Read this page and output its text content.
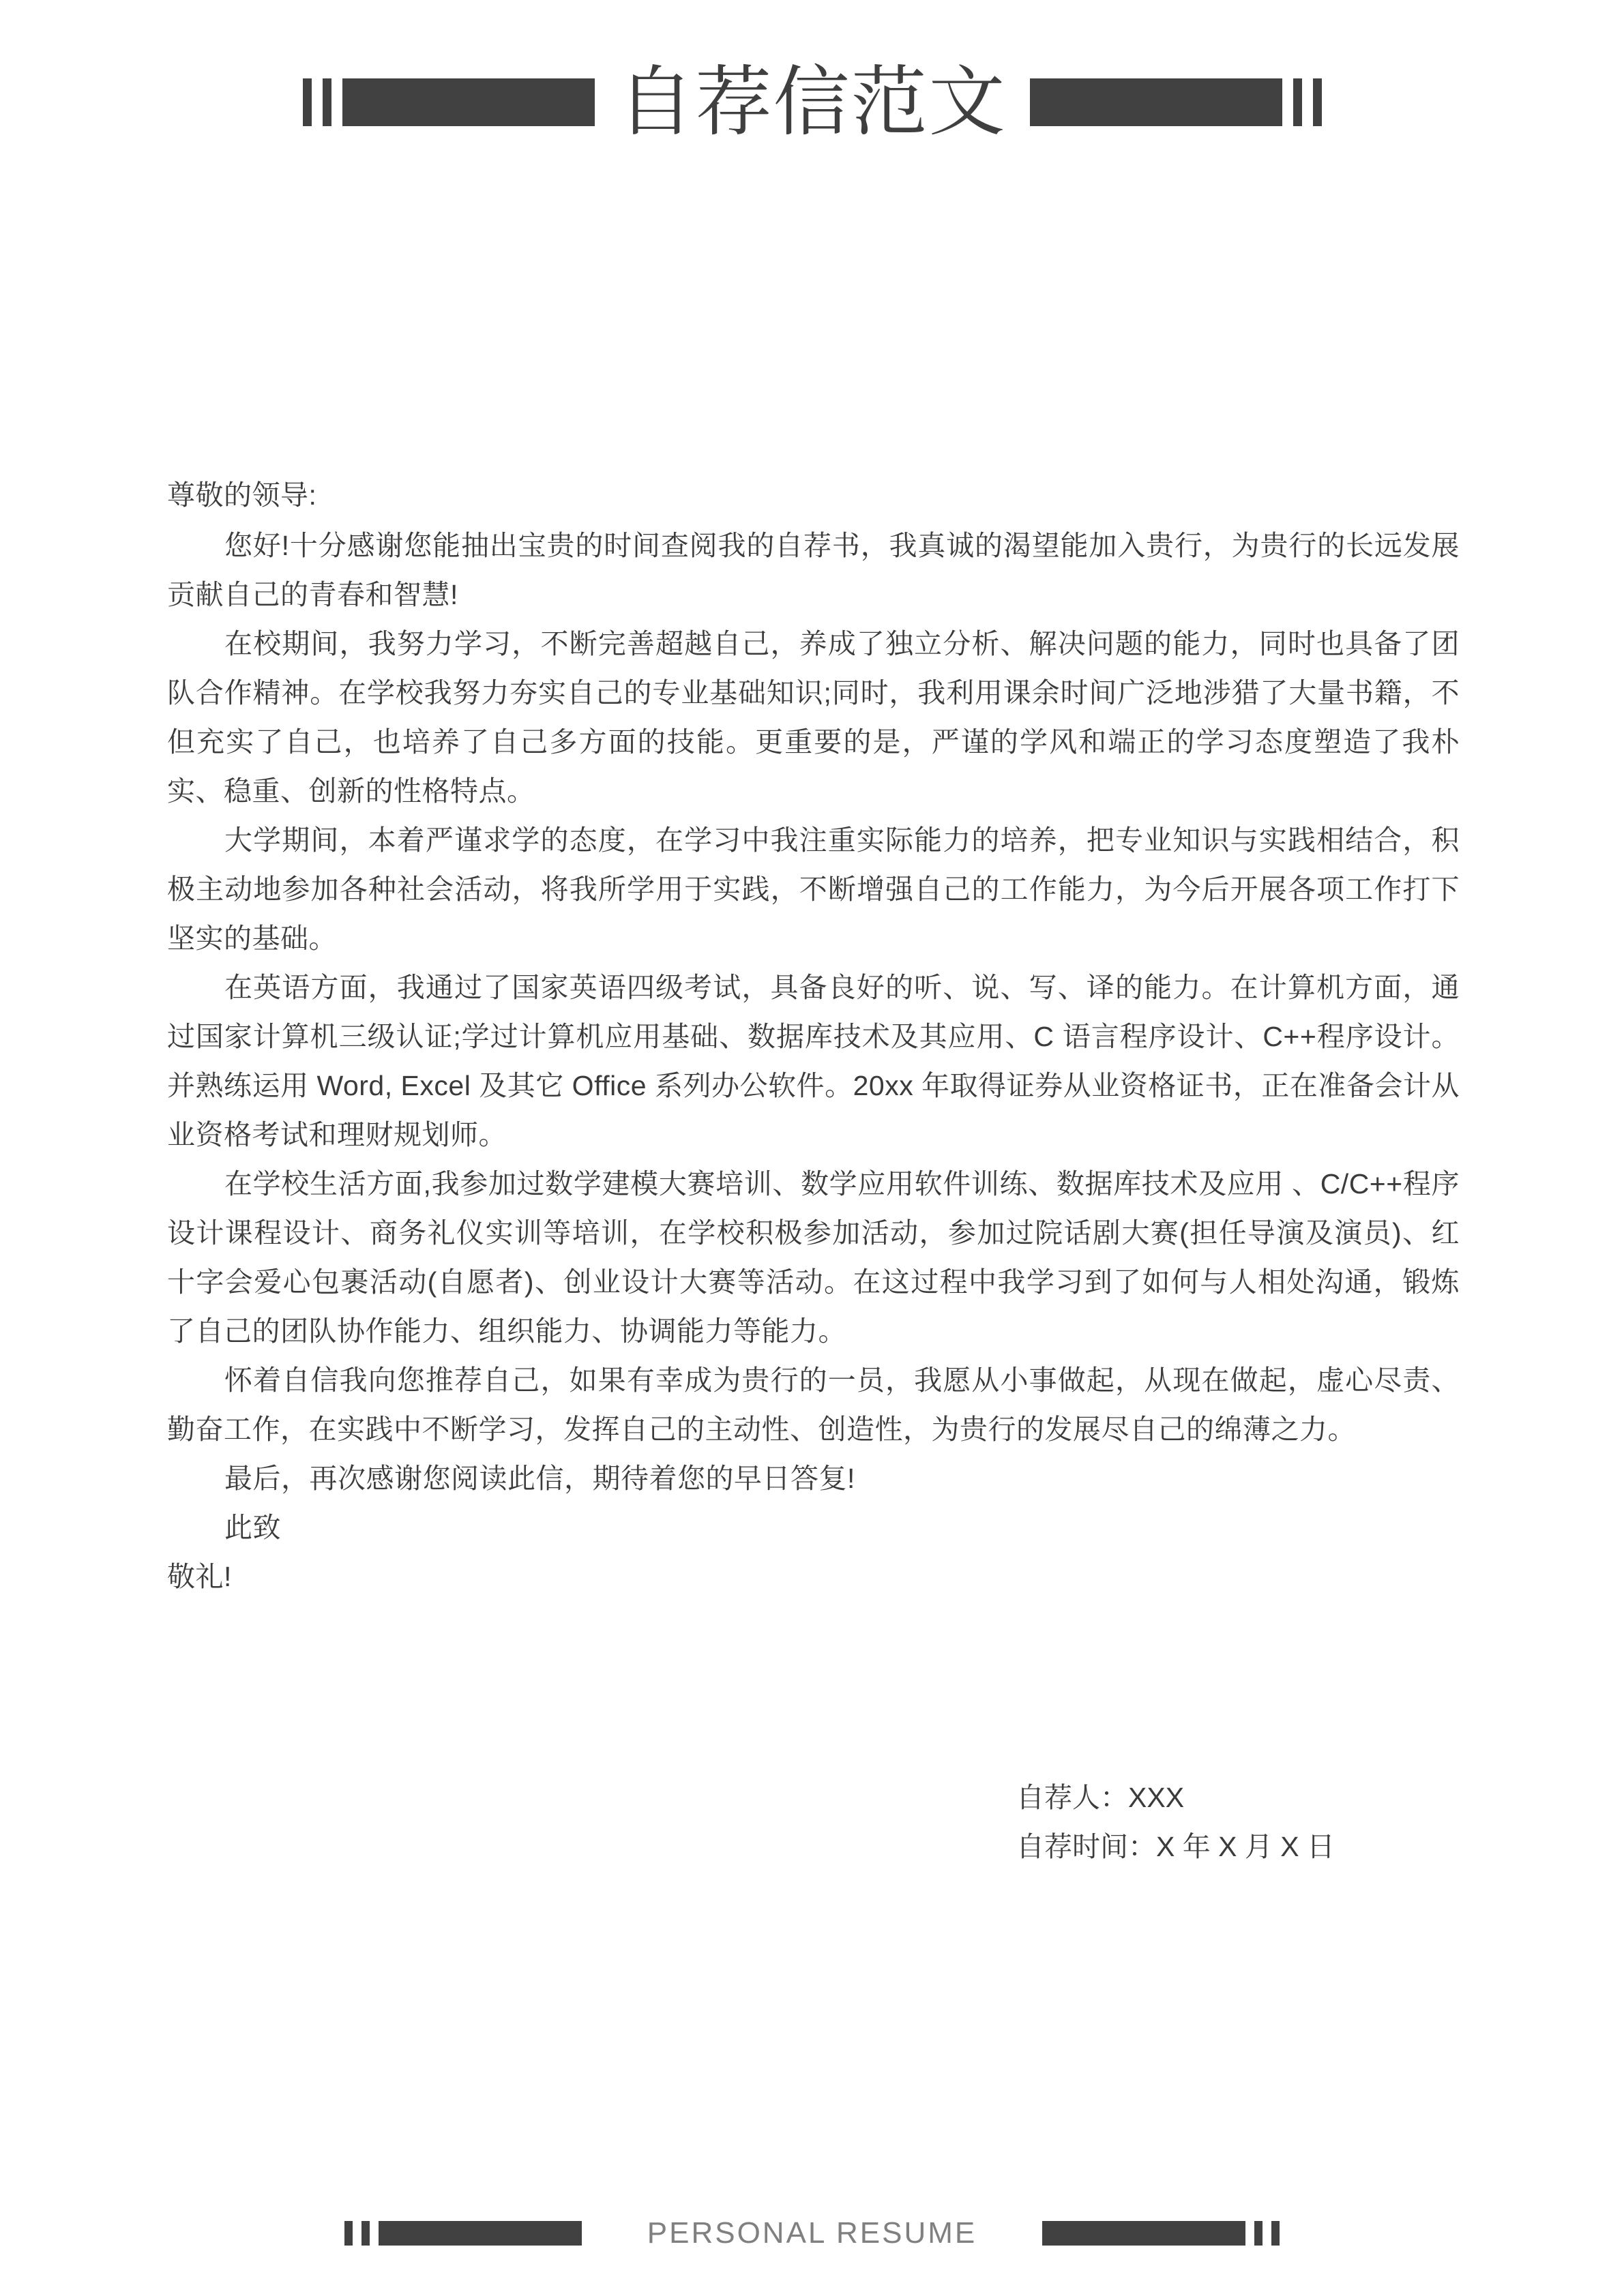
自荐信范文

尊敬的领导:

您好!十分感谢您能抽出宝贵的时间查阅我的自荐书，我真诚的渴望能加入贵行，为贵行的长远发展贡献自己的青春和智慧!

在校期间，我努力学习，不断完善超越自己，养成了独立分析、解决问题的能力，同时也具备了团队合作精神。在学校我努力夯实自己的专业基础知识;同时，我利用课余时间广泛地涉猎了大量书籍，不但充实了自己，也培养了自己多方面的技能。更重要的是，严谨的学风和端正的学习态度塑造了我朴实、稳重、创新的性格特点。

大学期间，本着严谨求学的态度，在学习中我注重实际能力的培养，把专业知识与实践相结合，积极主动地参加各种社会活动，将我所学用于实践，不断增强自己的工作能力，为今后开展各项工作打下坚实的基础。

在英语方面，我通过了国家英语四级考试，具备良好的听、说、写、译的能力。在计算机方面，通过国家计算机三级认证;学过计算机应用基础、数据库技术及其应用、C 语言程序设计、C++程序设计。并熟练运用 Word, Excel 及其它 Office 系列办公软件。20xx 年取得证券从业资格证书，正在准备会计从业资格考试和理财规划师。

在学校生活方面,我参加过数学建模大赛培训、数学应用软件训练、数据库技术及应用 、C/C++程序设计课程设计、商务礼仪实训等培训，在学校积极参加活动，参加过院话剧大赛(担任导演及演员)、红十字会爱心包裹活动(自愿者)、创业设计大赛等活动。在这过程中我学习到了如何与人相处沟通，锻炼了自己的团队协作能力、组织能力、协调能力等能力。

怀着自信我向您推荐自己，如果有幸成为贵行的一员，我愿从小事做起，从现在做起，虚心尽责、勤奋工作，在实践中不断学习，发挥自己的主动性、创造性，为贵行的发展尽自己的绵薄之力。

最后，再次感谢您阅读此信，期待着您的早日答复!

此致

敬礼!

自荐人：XXX
自荐时间：X 年 X 月 X 日
PERSONAL RESUME
